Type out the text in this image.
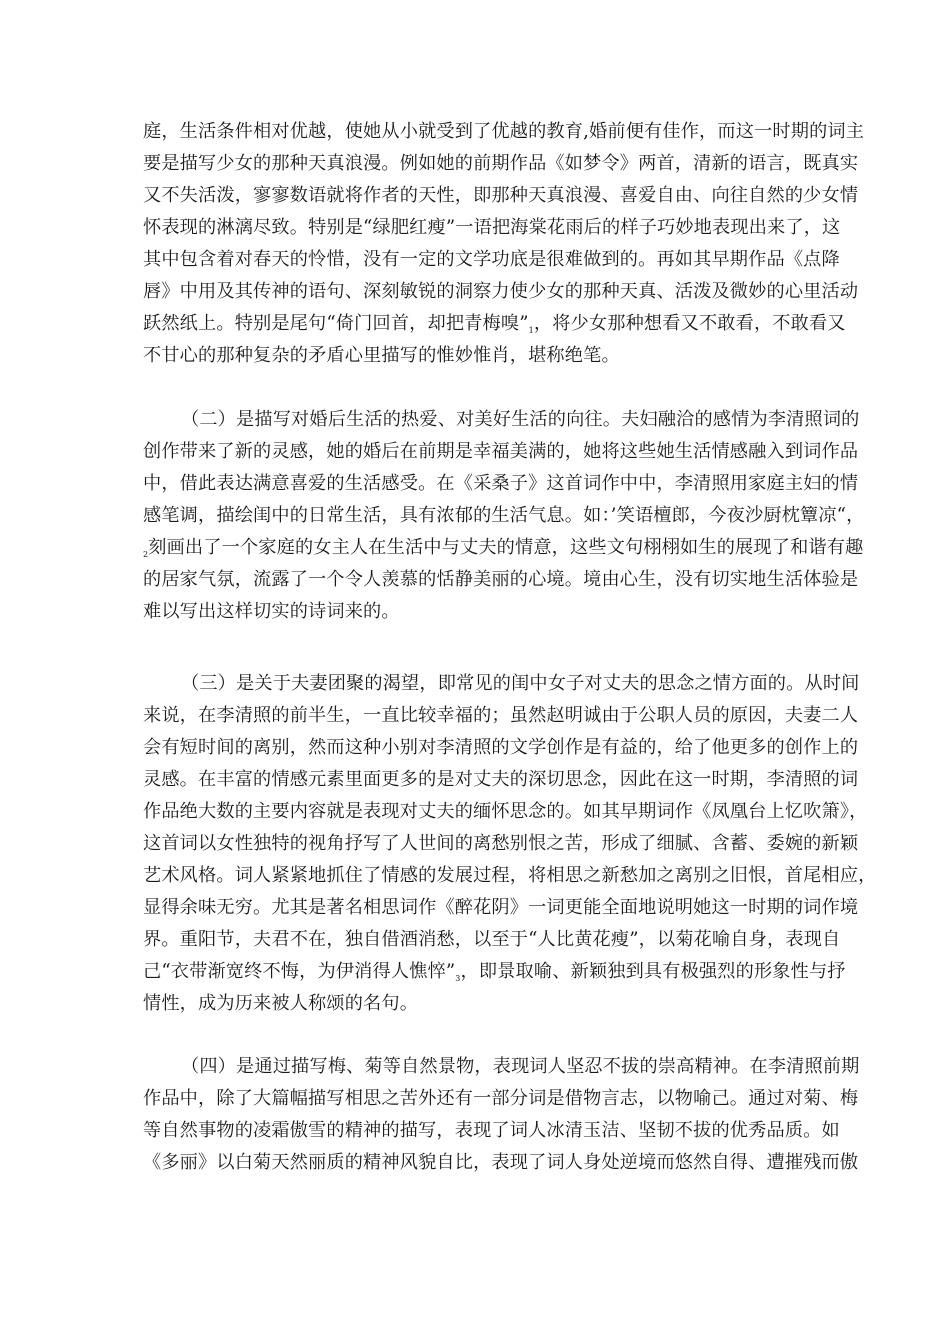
庭，生活条件相对优越，使她从小就受到了优越的教育,婚前便有佳作，而这一时期的词主
要是描写少女的那种天真浪漫。例如她的前期作品《如梦令》两首，清新的语言，既真实
又不失活泼，寥寥数语就将作者的天性，即那种天真浪漫、喜爱自由、向往自然的少女情
怀表现的淋漓尽致。特别是“绿肥红瘦”一语把海棠花雨后的样子巧妙地表现出来了，这
其中包含着对春天的怜惜，没有一定的文学功底是很难做到的。再如其早期作品《点降
唇》中用及其传神的语句、深刻敏锐的洞察力使少女的那种天真、活泼及微妙的心里活动
跃然纸上。特别是尾句“倚门回首，却把青梅嗅$”_1$，将少女那种想看又不敢看，不敢看又
不甘心的那种复杂的矛盾心里描写的惟妙惟肖，堪称绝笔。
（二）是描写对婚后生活的热爱、对美好生活的向往。夫妇融洽的感情为李清照词的
创作带来了新的灵感，她的婚后在前期是幸福美满的，她将这些她生活情感融入到词作品
中，借此表达满意喜爱的生活感受。在《采桑子》这首词作中中，李清照用家庭主妇的情
感笔调，描绘闺中的日常生活，具有浓郁的生活气息。如：’笑语檀郎，今夜沙厨枕簟凉“，
$_2$刻画出了一个家庭的女主人在生活中与丈夫的情意，这些文句栩栩如生的展现了和谐有趣
的居家气氛，流露了一个令人羡慕的恬静美丽的心境。境由心生，没有切实地生活体验是
难以写出这样切实的诗词来的。
（三）是关于夫妻团聚的渴望，即常见的闺中女子对丈夫的思念之情方面的。从时间
来说，在李清照的前半生，一直比较幸福的；虽然赵明诚由于公职人员的原因，夫妻二人
会有短时间的离别，然而这种小别对李清照的文学创作是有益的，给了他更多的创作上的
灵感。在丰富的情感元素里面更多的是对丈夫的深切思念，因此在这一时期，李清照的词
作品绝大数的主要内容就是表现对丈夫的缅怀思念的。如其早期词作《凤凰台上忆吹箫》，
这首词以女性独特的视角抒写了人世间的离愁别恨之苦，形成了细腻、含蓄、委婉的新颖
艺术风格。词人紧紧地抓住了情感的发展过程，将相思之新愁加之离别之旧恨，首尾相应，
显得余味无穷。尤其是著名相思词作《醉花阴》一词更能全面地说明她这一时期的词作境
界。重阳节，夫君不在，独自借酒消愁，以至于“人比黄花瘦”，以菊花喻自身，表现自
己“衣带渐宽终不悔，为伊消得人憔悴$”_3$，即景取喻、新颖独到具有极强烈的形象性与抒
情性，成为历来被人称颂的名句。
（四）是通过描写梅、菊等自然景物，表现词人坚忍不拔的崇高精神。在李清照前期
作品中，除了大篇幅描写相思之苦外还有一部分词是借物言志，以物喻己。通过对菊、梅
等自然事物的凌霜傲雪的精神的描写，表现了词人冰清玉洁、坚韧不拔的优秀品质。如
《多丽》以白菊天然丽质的精神风貌自比，表现了词人身处逆境而悠然自得、遭摧残而傲
